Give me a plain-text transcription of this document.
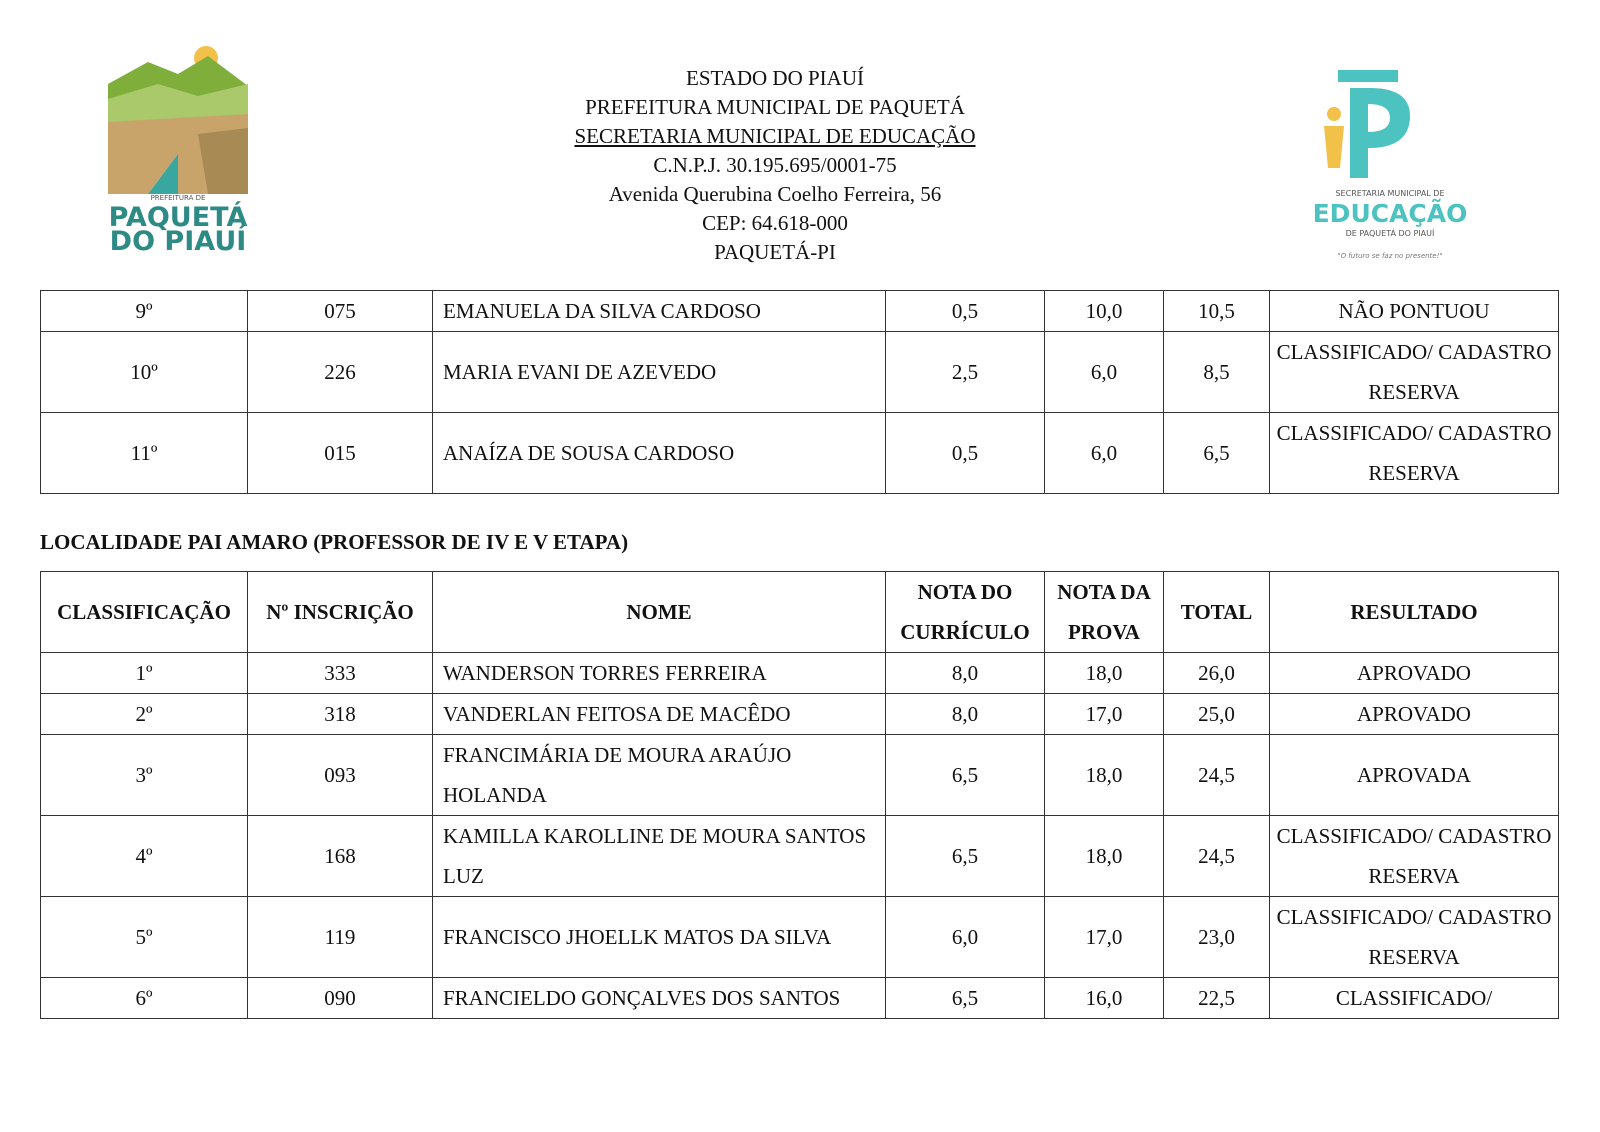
PREFEITURA DE
PAQUETÁ
DO PIAUÍ
ESTADO DO PIAUÍ
PREFEITURA MUNICIPAL DE PAQUETÁ
SECRETARIA MUNICIPAL DE EDUCAÇÃO
C.N.P.J. 30.195.695/0001-75
Avenida Querubina Coelho Ferreira, 56
CEP: 64.618-000
PAQUETÁ-PI
SECRETARIA MUNICIPAL DE
EDUCAÇÃO
DE PAQUETÁ DO PIAUÍ
"O futuro se faz no presente!"
9º	075	EMANUELA DA SILVA CARDOSO	0,5	10,0	10,5	NÃO PONTUOU
10º	226	MARIA EVANI DE AZEVEDO	2,5	6,0	8,5	CLASSIFICADO/ CADASTRO RESERVA
11º	015	ANAÍZA DE SOUSA CARDOSO	0,5	6,0	6,5	CLASSIFICADO/ CADASTRO RESERVA
LOCALIDADE PAI AMARO (PROFESSOR DE IV E V ETAPA)
CLASSIFICAÇÃO	Nº INSCRIÇÃO	NOME	NOTA DO CURRÍCULO	NOTA DA PROVA	TOTAL	RESULTADO
1º	333	WANDERSON TORRES FERREIRA	8,0	18,0	26,0	APROVADO
2º	318	VANDERLAN FEITOSA DE MACÊDO	8,0	17,0	25,0	APROVADO
3º	093	FRANCIMÁRIA DE MOURA ARAÚJO HOLANDA	6,5	18,0	24,5	APROVADA
4º	168	KAMILLA KAROLLINE DE MOURA SANTOS LUZ	6,5	18,0	24,5	CLASSIFICADO/ CADASTRO RESERVA
5º	119	FRANCISCO JHOELLK MATOS DA SILVA	6,0	17,0	23,0	CLASSIFICADO/ CADASTRO RESERVA
6º	090	FRANCIELDO GONÇALVES DOS SANTOS	6,5	16,0	22,5	CLASSIFICADO/
